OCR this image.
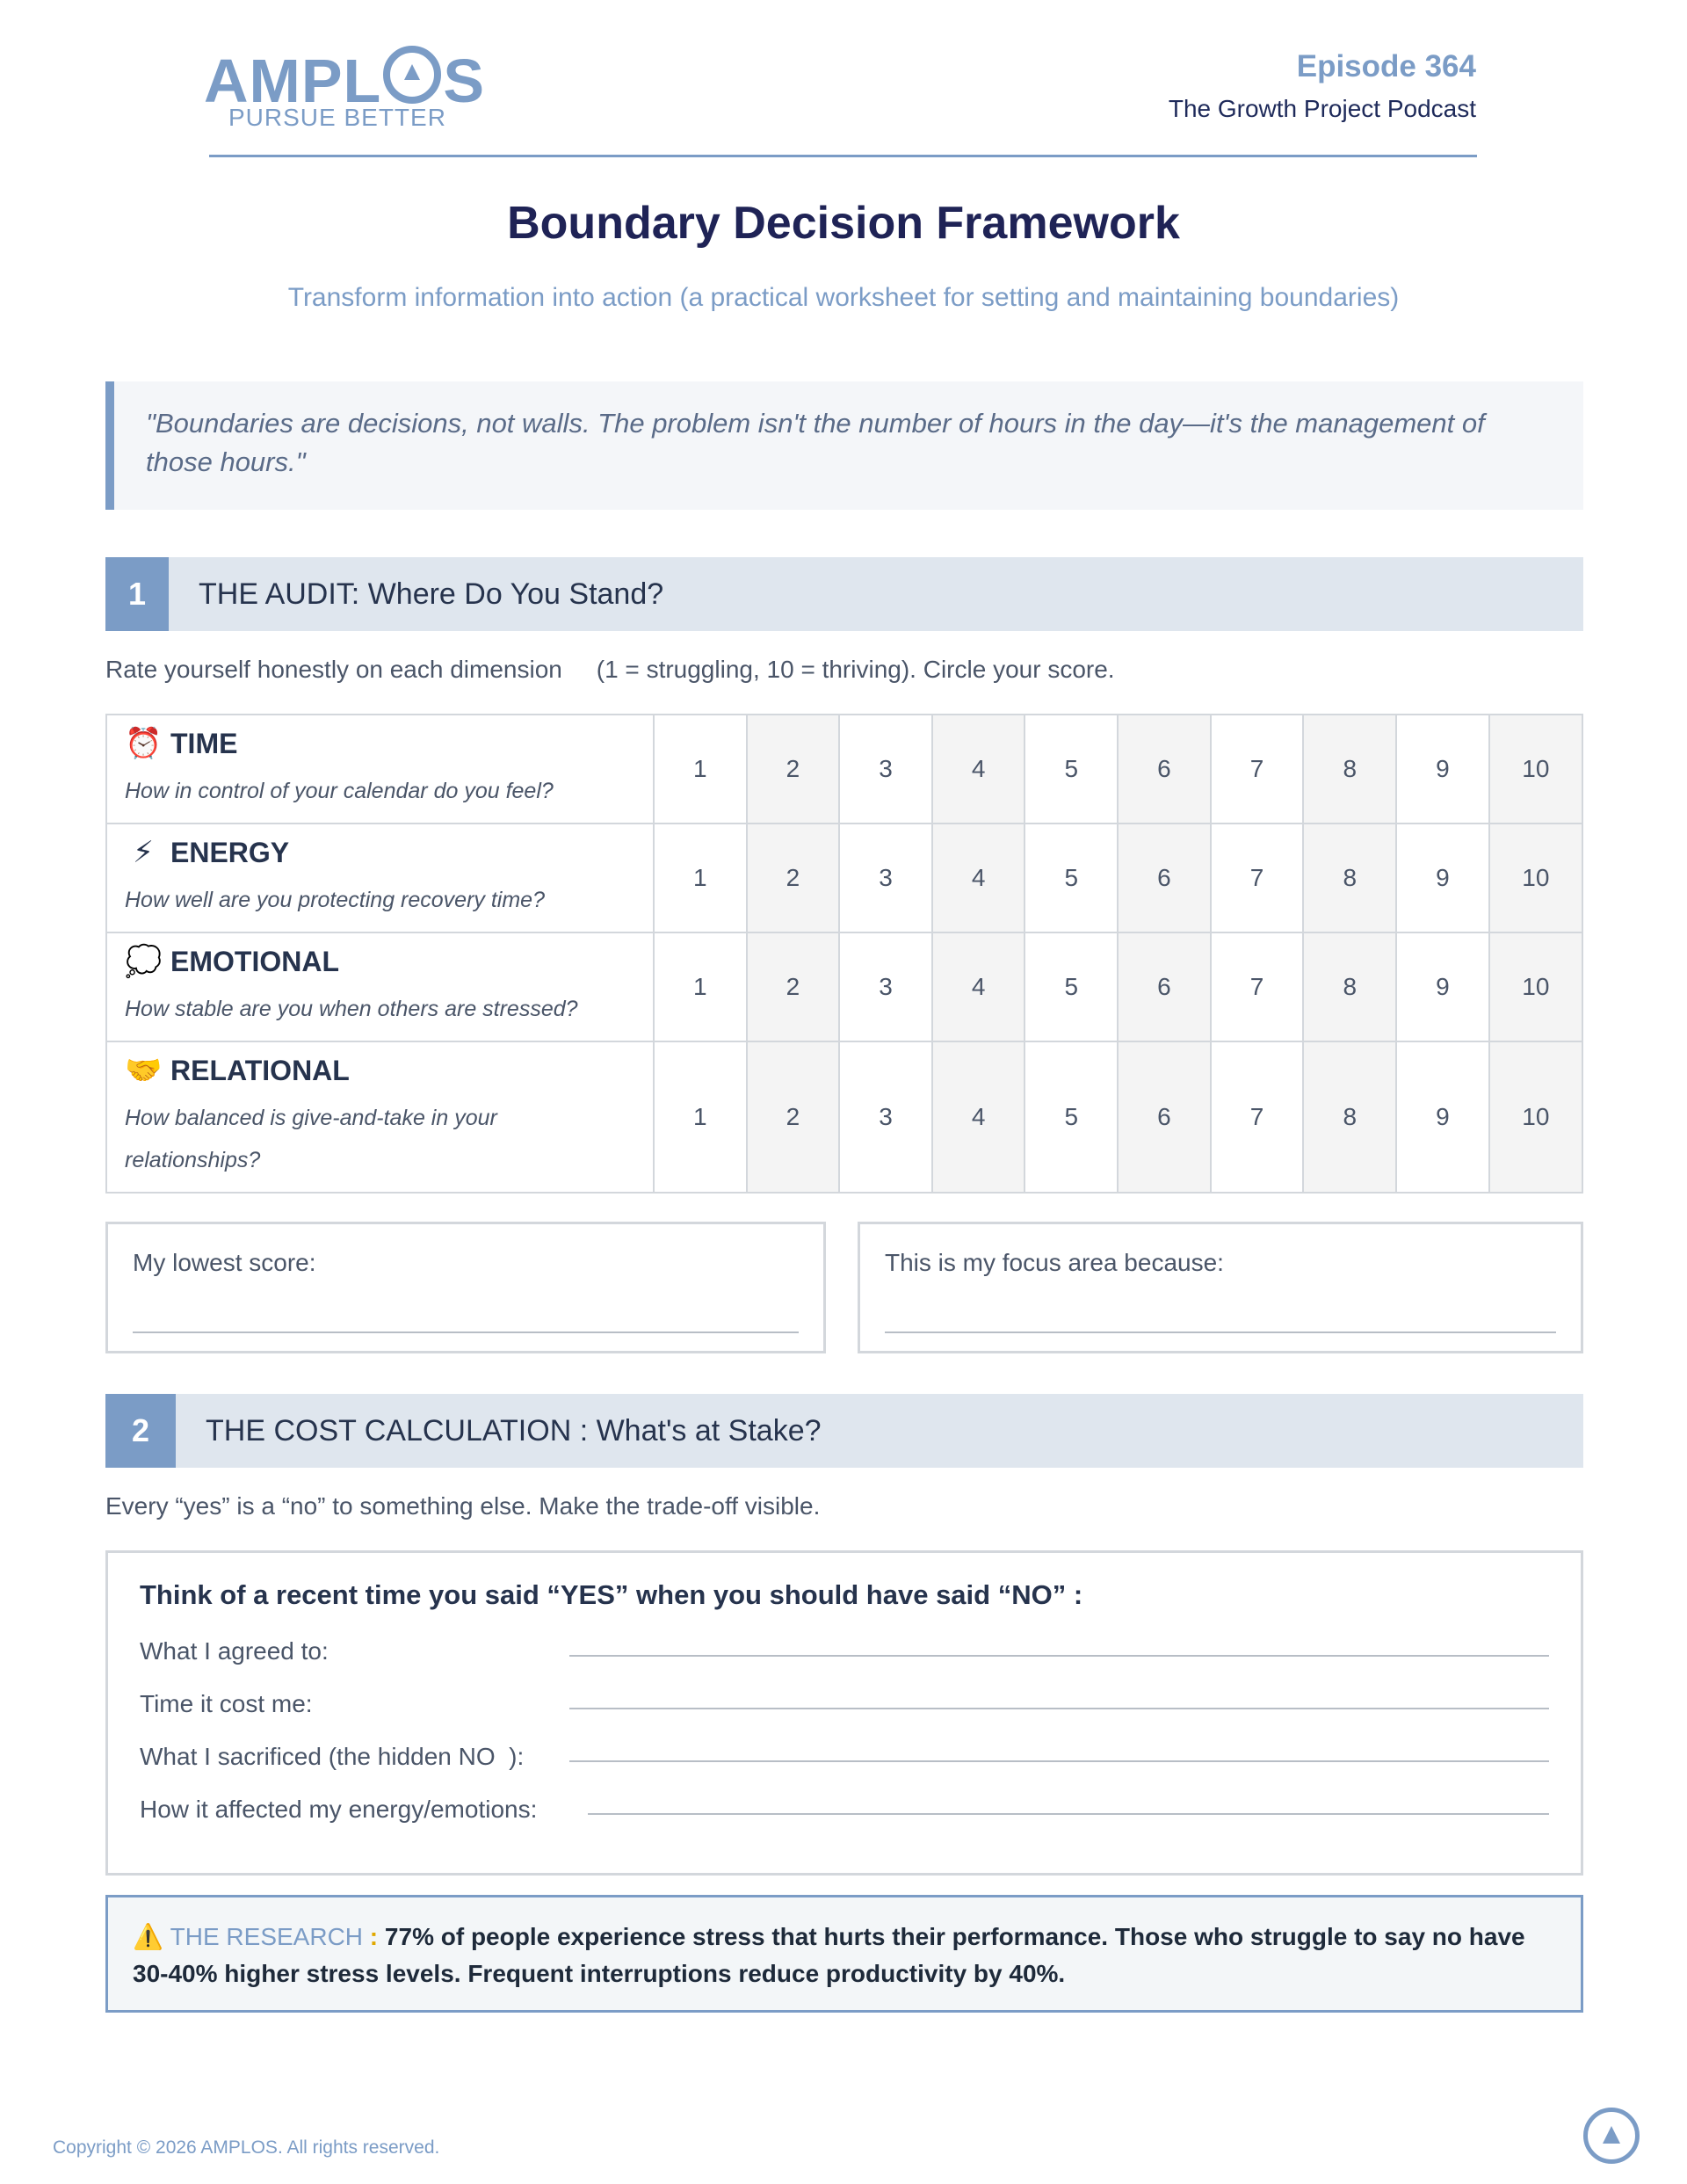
AMPL S
PURSUE BETTER
Episode 364
The Growth Project Podcast
Boundary Decision Framework
Transform information into action (a practical worksheet for setting and maintaining boundaries)
"Boundaries are decisions, not walls. The problem isn't the number of hours in the day—it's the management of those hours."
1	THE AUDIT: Where Do You Stand?
Rate yourself honestly on each dimension     (1 = struggling, 10 = thriving). Circle your score.
⏰ TIME
How in control of your calendar do you feel?	1	2	3	4	5	6	7	8	9	10

⚡ ENERGY
How well are you protecting recovery time?	1	2	3	4	5	6	7	8	9	10

💭 EMOTIONAL
How stable are you when others are stressed?	1	2	3	4	5	6	7	8	9	10

🤝 RELATIONAL
How balanced is give-and-take in your relationships?	1	2	3	4	5	6	7	8	9	10
My lowest score:	This is my focus area because:
2	THE COST CALCULATION : What's at Stake?
Every “yes” is a “no” to something else. Make the trade-off visible.
Think of a recent time you said “YES” when you should have said “NO” :
What I agreed to:
Time it cost me:
What I sacrificed (the hidden NO  ):
How it affected my energy/emotions:
⚠️ THE RESEARCH : 77% of people experience stress that hurts their performance. Those who struggle to say no have 30-40% higher stress levels. Frequent interruptions reduce productivity by 40%.
Copyright © 2026 AMPLOS. All rights reserved.
